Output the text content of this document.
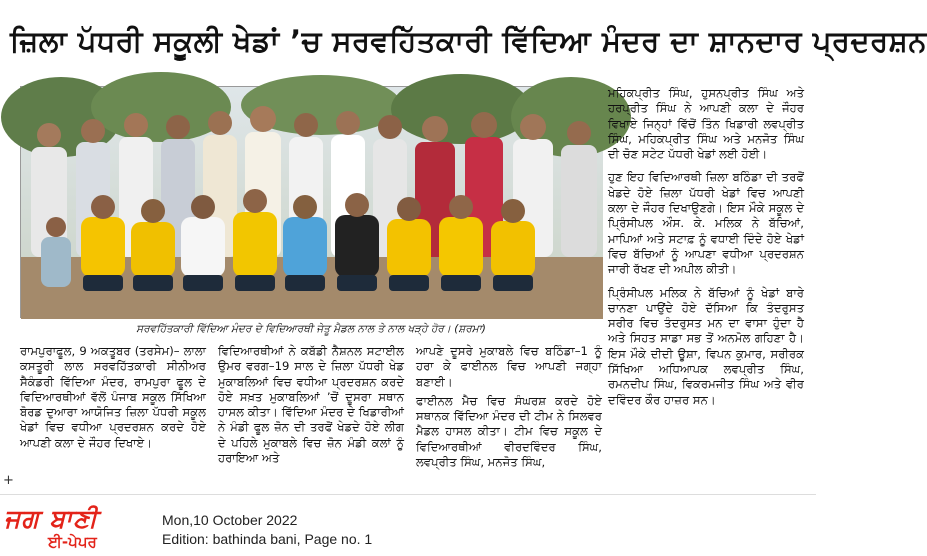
ਜ਼ਿਲਾ ਪੱਧਰੀ ਸਕੂਲੀ ਖੇਡਾਂ ’ਚ ਸਰਵਹਿੱਤਕਾਰੀ ਵਿੱਦਿਆ ਮੰਦਰ ਦਾ ਸ਼ਾਨਦਾਰ ਪ੍ਰਦਰਸ਼ਨ
ਸਰਵਹਿੱਤਕਾਰੀ ਵਿੱਦਿਆ ਮੰਦਰ ਦੇ ਵਿਦਿਆਰਥੀ ਜੇਤੂ ਮੈਡਲ ਨਾਲ ਤੇ ਨਾਲ ਖੜ੍ਹੇ ਹੋਰ। (ਸ਼ਰਮਾ)

ਮਹਿਕਪ੍ਰੀਤ ਸਿੰਘ, ਹੁਸਨਪ੍ਰੀਤ ਸਿੰਘ ਅਤੇ ਹਰਪ੍ਰੀਤ ਸਿੰਘ ਨੇ ਆਪਣੀ ਕਲਾ ਦੇ ਜੌਹਰ ਵਿਖਾਏ ਜਿਨ੍ਹਾਂ ਵਿੱਚੋਂ ਤਿੰਨ ਖਿਡਾਰੀ ਲਵਪ੍ਰੀਤ ਸਿੰਘ, ਮਹਿਕਪ੍ਰੀਤ ਸਿੰਘ ਅਤੇ ਮਨਜੋਤ ਸਿੰਘ ਦੀ ਚੋਣ ਸਟੇਟ ਪੱਧਰੀ ਖੇਡਾਂ ਲਈ ਹੋਈ।

ਹੁਣ ਇਹ ਵਿਦਿਆਰਥੀ ਜ਼ਿਲਾ ਬਠਿੰਡਾ ਦੀ ਤਰਫੋਂ ਖੇਡਦੇ ਹੋਏ ਜ਼ਿਲਾ ਪੱਧਰੀ ਖੇਡਾਂ ਵਿਚ ਆਪਣੀ ਕਲਾ ਦੇ ਜੌਹਰ ਦਿਖਾਉਣਗੇ। ਇਸ ਮੌਕੇ ਸਕੂਲ ਦੇ ਪ੍ਰਿੰਸੀਪਲ ਔਸ. ਕੇ. ਮਲਿਕ ਨੇ ਬੱਚਿਆਂ, ਮਾਪਿਆਂ ਅਤੇ ਸਟਾਫ਼ ਨੂੰ ਵਧਾਈ ਦਿੰਦੇ ਹੋਏ ਖੇਡਾਂ ਵਿਚ ਬੱਚਿਆਂ ਨੂੰ ਆਪਣਾ ਵਧੀਆ ਪ੍ਰਦਰਸ਼ਨ ਜਾਰੀ ਰੱਖਣ ਦੀ ਅਪੀਲ ਕੀਤੀ।

ਪ੍ਰਿੰਸੀਪਲ ਮਲਿਕ ਨੇ ਬੱਚਿਆਂ ਨੂੰ ਖੇਡਾਂ ਬਾਰੇ ਚਾਨਣਾ ਪਾਉਂਦੇ ਹੋਏ ਦੱਸਿਆ ਕਿ ਤੰਦਰੁਸਤ ਸਰੀਰ ਵਿਚ ਤੰਦਰੁਸਤ ਮਨ ਦਾ ਵਾਸਾ ਹੁੰਦਾ ਹੈ ਅਤੇ ਸਿਹਤ ਸਾਡਾ ਸਭ ਤੋਂ ਅਨਮੋਲ ਗਹਿਣਾ ਹੈ। ਇਸ ਮੌਕੇ ਦੀਦੀ ਊਸ਼ਾ, ਵਿਪਨ ਕੁਮਾਰ, ਸਰੀਰਕ ਸਿੱਖਿਆ ਅਧਿਆਪਕ ਲਵਪ੍ਰੀਤ ਸਿੰਘ, ਰਮਨਦੀਪ ਸਿੰਘ, ਵਿਕਰਮਜੀਤ ਸਿੰਘ ਅਤੇ ਵੀਰ ਦਵਿੰਦਰ ਕੌਰ ਹਾਜ਼ਰ ਸਨ।

ਰਾਮਪੁਰਾਫੂਲ, 9 ਅਕਤੂਬਰ (ਤਰਸੇਮ)– ਲਾਲਾ ਕਸਤੂਰੀ ਲਾਲ ਸਰਵਹਿੱਤਕਾਰੀ ਸੀਨੀਅਰ ਸੈਕੰਡਰੀ ਵਿੱਦਿਆ ਮੰਦਰ, ਰਾਮਪੁਰਾ ਫੂਲ ਦੇ ਵਿਦਿਆਰਥੀਆਂ ਵੱਲੋਂ ਪੰਜਾਬ ਸਕੂਲ ਸਿੱਖਿਆ ਬੋਰਡ ਦੁਆਰਾ ਆਯੋਜਿਤ ਜ਼ਿਲਾ ਪੱਧਰੀ ਸਕੂਲ ਖੇਡਾਂ ਵਿਚ ਵਧੀਆ ਪ੍ਰਦਰਸ਼ਨ ਕਰਦੇ ਹੋਏ ਆਪਣੀ ਕਲਾ ਦੇ ਜੌਹਰ ਦਿਖਾਏ।

ਵਿਦਿਆਰਥੀਆਂ ਨੇ ਕਬੱਡੀ ਨੈਸ਼ਨਲ ਸਟਾਈਲ ਉਮਰ ਵਰਗ–19 ਸਾਲ ਦੇ ਜ਼ਿਲਾ ਪੱਧਰੀ ਖੇਡ ਮੁਕਾਬਲਿਆਂ ਵਿਚ ਵਧੀਆ ਪ੍ਰਦਰਸ਼ਨ ਕਰਦੇ ਹੋਏ ਸਖ਼ਤ ਮੁਕਾਬਲਿਆਂ ’ਚੋਂ ਦੂਸਰਾ ਸਥਾਨ ਹਾਸਲ ਕੀਤਾ। ਵਿੱਦਿਆ ਮੰਦਰ ਦੇ ਖਿਡਾਰੀਆਂ ਨੇ ਮੰਡੀ ਫੂਲ ਜ਼ੋਨ ਦੀ ਤਰਫੋਂ ਖੇਡਦੇ ਹੋਏ ਲੀਗ ਦੇ ਪਹਿਲੇ ਮੁਕਾਬਲੇ ਵਿਚ ਜ਼ੋਨ ਮੰਡੀ ਕਲਾਂ ਨੂੰ ਹਰਾਇਆ ਅਤੇ

ਆਪਣੇ ਦੂਸਰੇ ਮੁਕਾਬਲੇ ਵਿਚ ਬਠਿੰਡਾ–1 ਨੂੰ ਹਰਾ ਕੇ ਫਾਈਨਲ ਵਿਚ ਆਪਣੀ ਜਗ੍ਹਾ ਬਣਾਈ।

ਫਾਈਨਲ ਮੈਚ ਵਿਚ ਸੰਘਰਸ਼ ਕਰਦੇ ਹੋਏ ਸਥਾਨਕ ਵਿੱਦਿਆ ਮੰਦਰ ਦੀ ਟੀਮ ਨੇ ਸਿਲਵਰ ਮੈਡਲ ਹਾਸਲ ਕੀਤਾ। ਟੀਮ ਵਿਚ ਸਕੂਲ ਦੇ ਵਿਦਿਆਰਥੀਆਂ ਵੀਰਦਵਿੰਦਰ ਸਿੰਘ, ਲਵਪ੍ਰੀਤ ਸਿੰਘ, ਮਨਜੋਤ ਸਿੰਘ,

+
ਜਗ ਬਾਣੀ
ਈ-ਪੇਪਰ
Mon,10 October 2022
Edition: bathinda bani, Page no. 1
